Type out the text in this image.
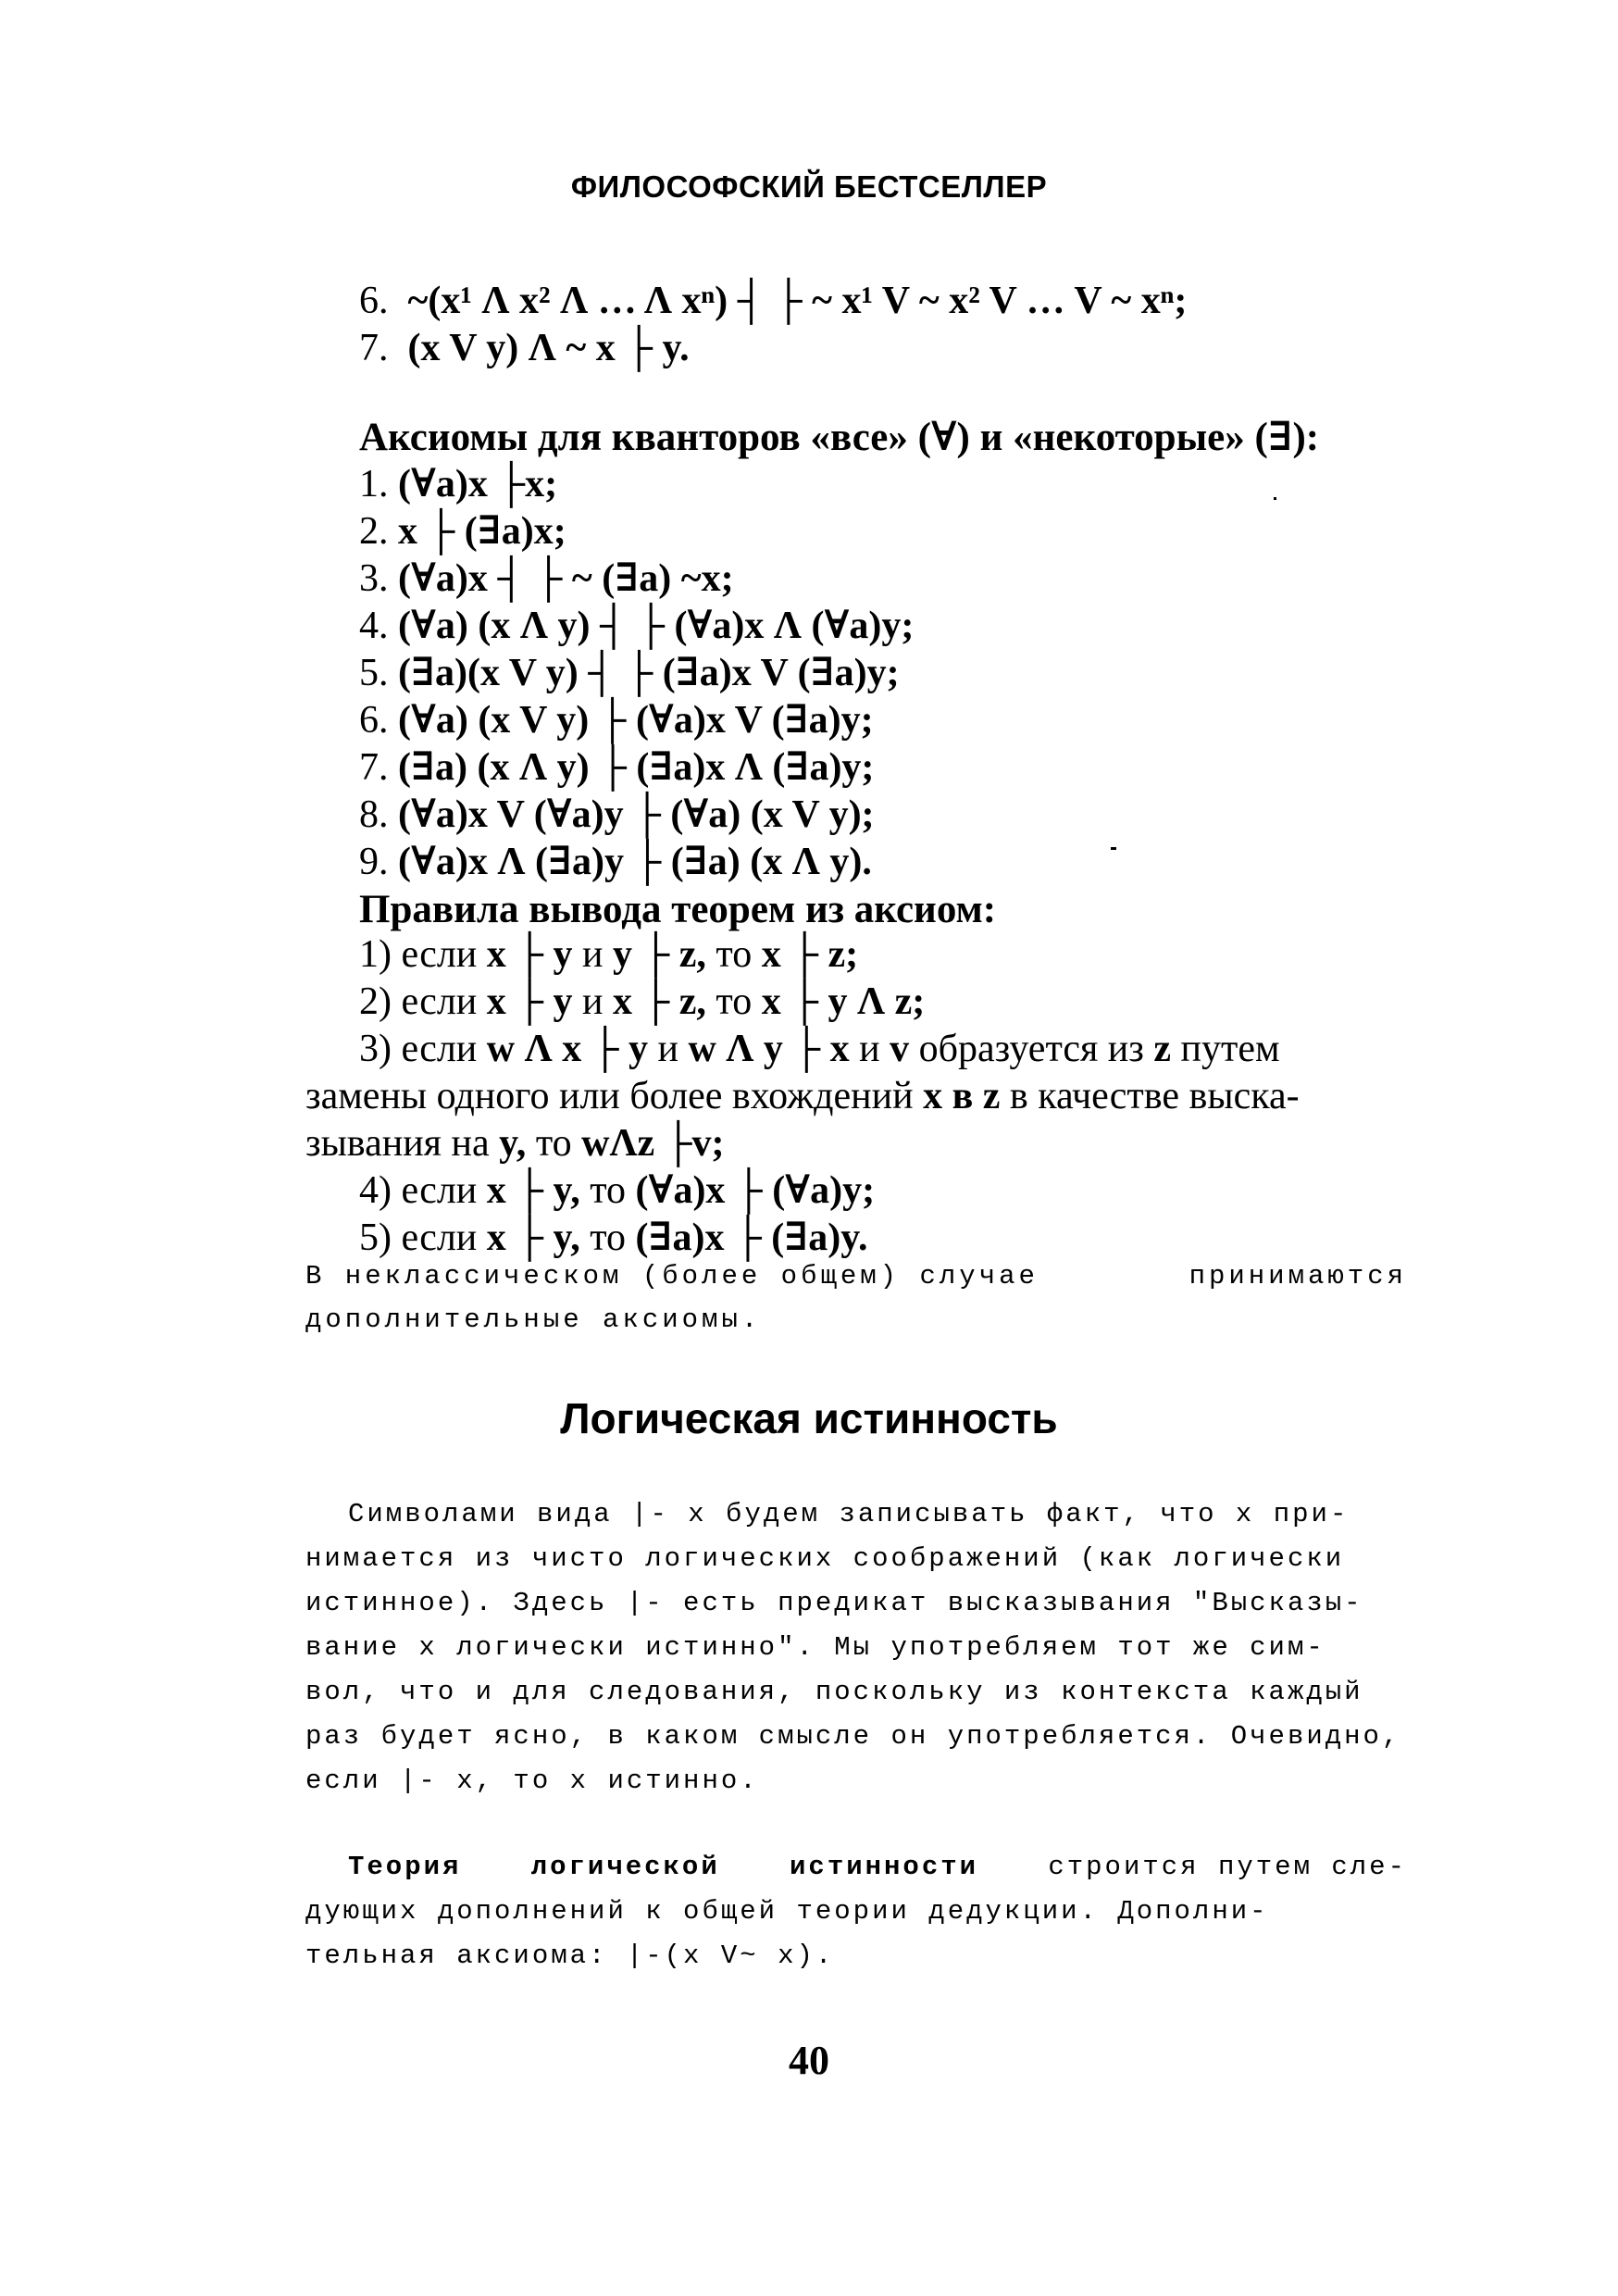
ФИЛОСОФСКИЙ БЕСТСЕЛЛЕР
6. ~(x¹ Λ x² Λ … Λ xⁿ) ┤ ├ ~ x¹ V ~ x² V … V ~ xⁿ;
7. (x V y) Λ ~ x ├ y.
Аксиомы для кванторов «все» (∀) и «некоторые» (∃):
1. (∀a)x ├x;
2. x ├ (∃a)x;
3. (∀a)x ┤ ├ ~ (∃a) ~x;
4. (∀a) (x Λ y) ┤ ├ (∀a)x Λ (∀a)y;
5. (∃a)(x V y) ┤ ├ (∃a)x V (∃a)y;
6. (∀a) (x V y) ├ (∀a)x V (∃a)y;
7. (∃a) (x Λ y) ├ (∃a)x Λ (∃a)y;
8. (∀a)x V (∀a)y ├ (∀a) (x V y);
9. (∀a)x Λ (∃a)y ├ (∃a) (x Λ y).
Правила вывода теорем из аксиом:
1) если x ├ y и y ├ z, то x ├ z;
2) если x ├ y и x ├ z, то x ├ y Λ z;
3) если w Λ x ├ y и w Λ y ├ x и v образуется из z путем
замены одного или более вхождений x в z в качестве выска-
зывания на y, то wΛz ├v;
4) если x ├ y, то (∀a)x ├ (∀a)y;
5) если x ├ y, то (∃a)x ├ (∃a)y.
В неклассическом (более общем) случае	принимаются
дополнительные аксиомы.
Логическая истинность
Символами вида |- x будем записывать факт, что x при-
нимается из чисто логических соображений (как логически
истинное). Здесь |- есть предикат высказывания "Высказы-
вание x логически истинно". Мы употребляем тот же сим-
вол, что и для следования, поскольку из контекста каждый
раз будет ясно, в каком смысле он употребляется. Очевидно,
если |- x, то x истинно.
Теория	логической	истинности	строится путем сле-
дующих дополнений к общей теории дедукции. Дополни-
тельная аксиома: |-(x V~ x).
40
